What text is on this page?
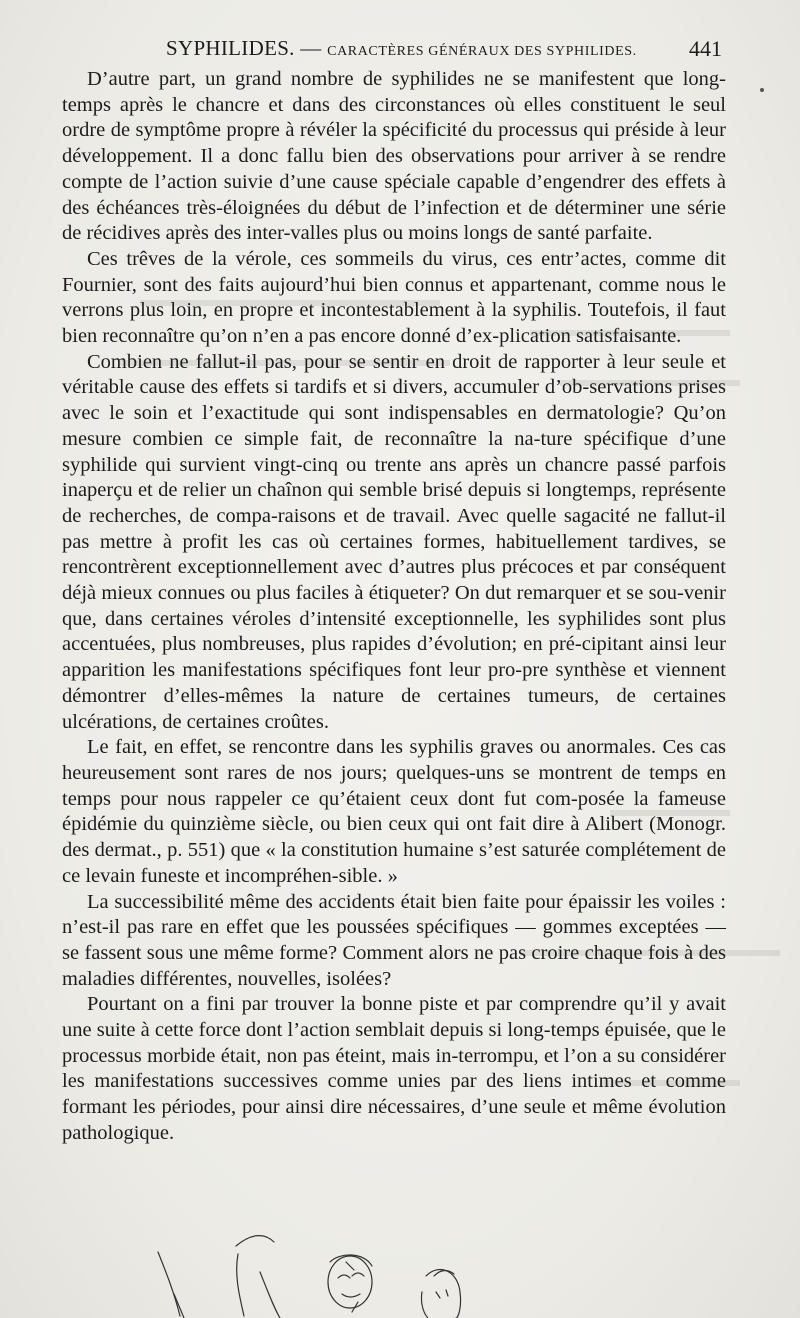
SYPHILIDES. — CARACTÈRES GÉNÉRAUX DES SYPHILIDES. 441

D’autre part, un grand nombre de syphilides ne se manifestent que long-temps après le chancre et dans des circonstances où elles constituent le seul ordre de symptôme propre à révéler la spécificité du processus qui préside à leur développement. Il a donc fallu bien des observations pour arriver à se rendre compte de l’action suivie d’une cause spéciale capable d’engendrer des effets à des échéances très-éloignées du début de l’infection et de déterminer une série de récidives après des inter-valles plus ou moins longs de santé parfaite.

Ces trêves de la vérole, ces sommeils du virus, ces entr’actes, comme dit Fournier, sont des faits aujourd’hui bien connus et appartenant, comme nous le verrons plus loin, en propre et incontestablement à la syphilis. Toutefois, il faut bien reconnaître qu’on n’en a pas encore donné d’ex-plication satisfaisante.

Combien ne fallut-il pas, pour se sentir en droit de rapporter à leur seule et véritable cause des effets si tardifs et si divers, accumuler d’ob-servations prises avec le soin et l’exactitude qui sont indispensables en dermatologie? Qu’on mesure combien ce simple fait, de reconnaître la na-ture spécifique d’une syphilide qui survient vingt-cinq ou trente ans après un chancre passé parfois inaperçu et de relier un chaînon qui semble brisé depuis si longtemps, représente de recherches, de compa-raisons et de travail. Avec quelle sagacité ne fallut-il pas mettre à profit les cas où certaines formes, habituellement tardives, se rencontrèrent exceptionnellement avec d’autres plus précoces et par conséquent déjà mieux connues ou plus faciles à étiqueter? On dut remarquer et se sou-venir que, dans certaines véroles d’intensité exceptionnelle, les syphilides sont plus accentuées, plus nombreuses, plus rapides d’évolution; en pré-cipitant ainsi leur apparition les manifestations spécifiques font leur pro-pre synthèse et viennent démontrer d’elles-mêmes la nature de certaines tumeurs, de certaines ulcérations, de certaines croûtes.

Le fait, en effet, se rencontre dans les syphilis graves ou anormales. Ces cas heureusement sont rares de nos jours; quelques-uns se montrent de temps en temps pour nous rappeler ce qu’étaient ceux dont fut com-posée la fameuse épidémie du quinzième siècle, ou bien ceux qui ont fait dire à Alibert (Monogr. des dermat., p. 551) que « la constitution humaine s’est saturée complétement de ce levain funeste et incompréhen-sible. »

La successibilité même des accidents était bien faite pour épaissir les voiles : n’est-il pas rare en effet que les poussées spécifiques — gommes exceptées — se fassent sous une même forme? Comment alors ne pas croire chaque fois à des maladies différentes, nouvelles, isolées?

Pourtant on a fini par trouver la bonne piste et par comprendre qu’il y avait une suite à cette force dont l’action semblait depuis si long-temps épuisée, que le processus morbide était, non pas éteint, mais in-terrompu, et l’on a su considérer les manifestations successives comme unies par des liens intimes et comme formant les périodes, pour ainsi dire nécessaires, d’une seule et même évolution pathologique.
